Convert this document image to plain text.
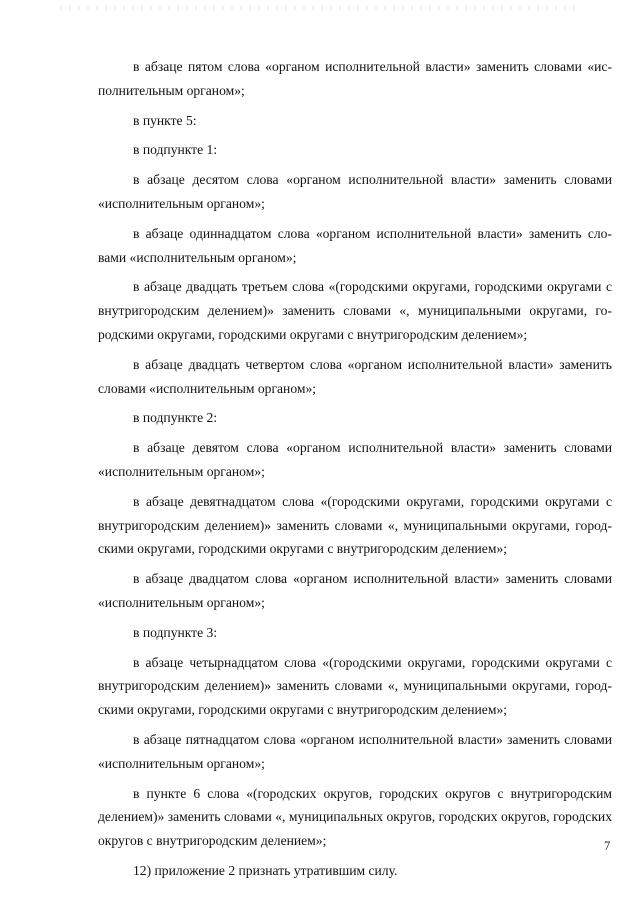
в абзаце пятом слова «органом исполнительной власти» заменить словами «исполнительным органом»;

в пункте 5:

в подпункте 1:

в абзаце десятом слова «органом исполнительной власти» заменить словами «исполнительным органом»;

в абзаце одиннадцатом слова «органом исполнительной власти» заменить словами «исполнительным органом»;

в абзаце двадцать третьем слова «(городскими округами, городскими округами с внутригородским делением)» заменить словами «, муниципальными округами, городскими округами, городскими округами с внутригородским делением»;

в абзаце двадцать четвертом слова «органом исполнительной власти» заменить словами «исполнительным органом»;

в подпункте 2:

в абзаце девятом слова «органом исполнительной власти» заменить словами «исполнительным органом»;

в абзаце девятнадцатом слова «(городскими округами, городскими округами с внутригородским делением)» заменить словами «, муниципальными округами, городскими округами, городскими округами с внутригородским делением»;

в абзаце двадцатом слова «органом исполнительной власти» заменить словами «исполнительным органом»;

в подпункте 3:

в абзаце четырнадцатом слова «(городскими округами, городскими округами с внутригородским делением)» заменить словами «, муниципальными округами, городскими округами, городскими округами с внутригородским делением»;

в абзаце пятнадцатом слова «органом исполнительной власти» заменить словами «исполнительным органом»;

в пункте 6 слова «(городских округов, городских округов с внутригородским делением)» заменить словами «, муниципальных округов, городских округов, городских округов с внутригородским делением»;

12) приложение 2 признать утратившим силу.

7
